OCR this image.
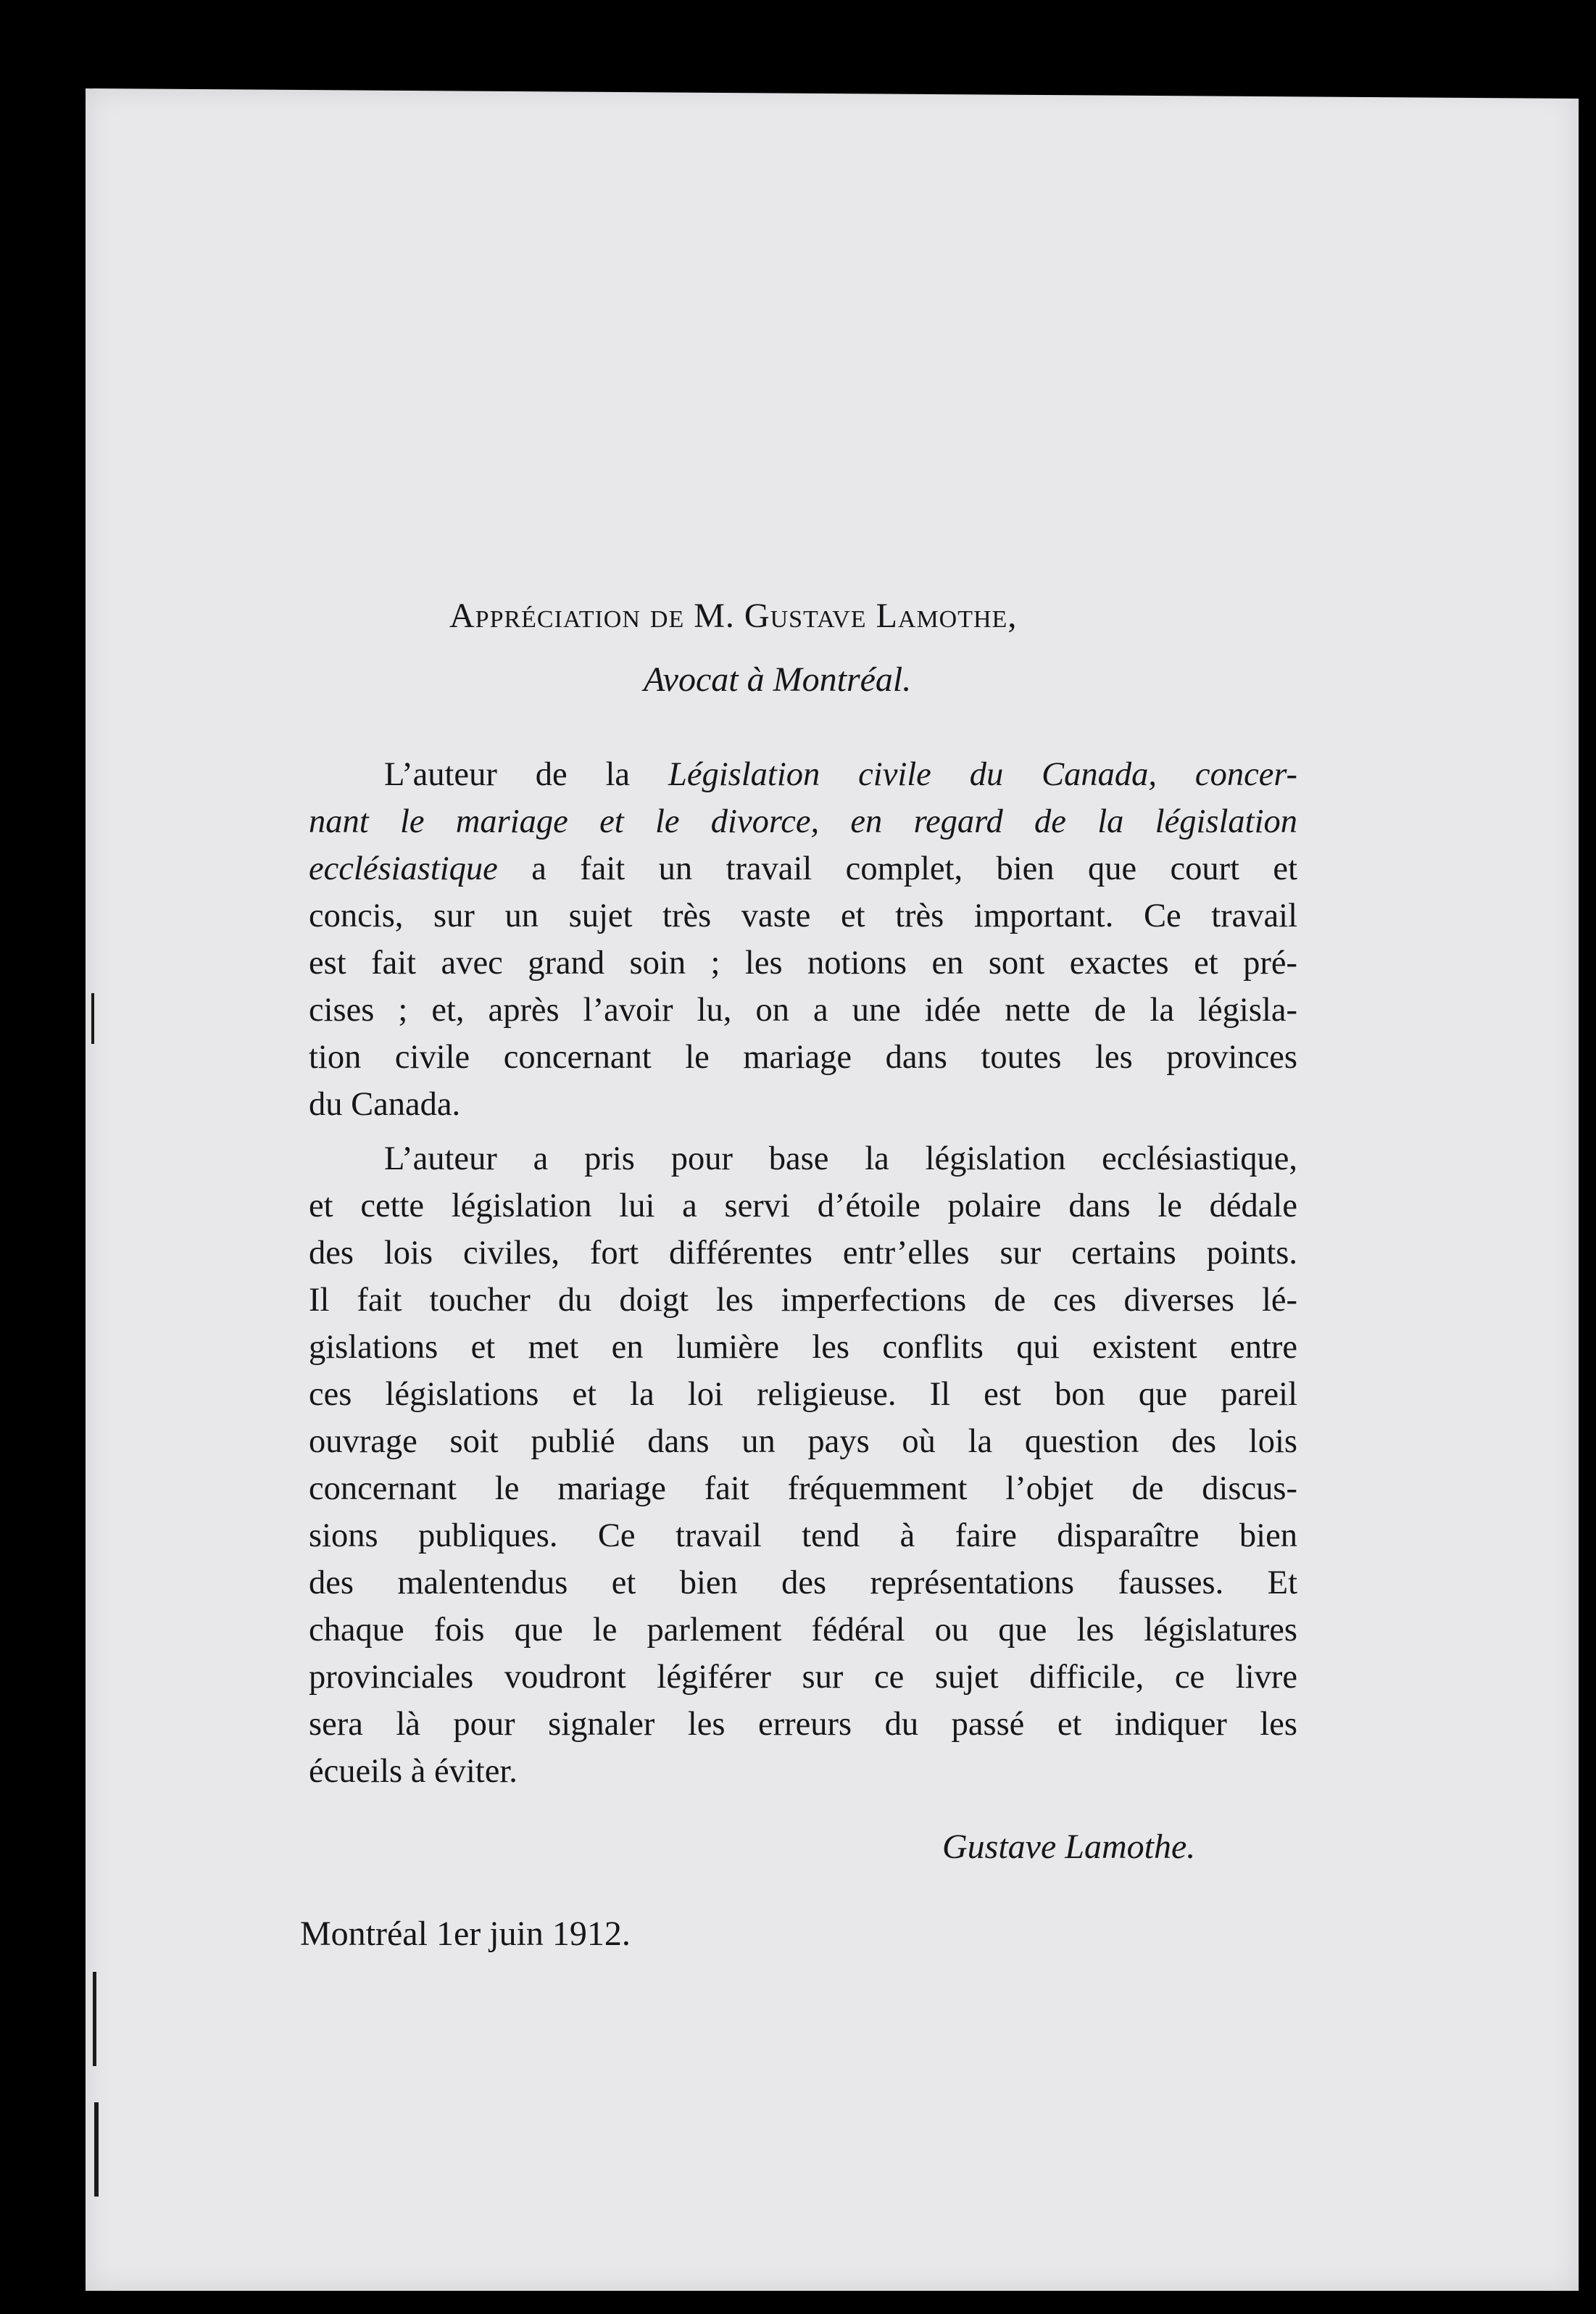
Appréciation de M. Gustave Lamothe,
Avocat à Montréal.
L’auteur de la Législation civile du Canada, concer-
nant le mariage et le divorce, en regard de la législation
ecclésiastique a fait un travail complet, bien que court et
concis, sur un sujet très vaste et très important. Ce travail
est fait avec grand soin ; les notions en sont exactes et pré-
cises ; et, après l’avoir lu, on a une idée nette de la législa-
tion civile concernant le mariage dans toutes les provinces
du Canada.
L’auteur a pris pour base la législation ecclésiastique,
et cette législation lui a servi d’étoile polaire dans le dédale
des lois civiles, fort différentes entr’elles sur certains points.
Il fait toucher du doigt les imperfections de ces diverses lé-
gislations et met en lumière les conflits qui existent entre
ces législations et la loi religieuse. Il est bon que pareil
ouvrage soit publié dans un pays où la question des lois
concernant le mariage fait fréquemment l’objet de discus-
sions publiques. Ce travail tend à faire disparaître bien
des malentendus et bien des représentations fausses. Et
chaque fois que le parlement fédéral ou que les législatures
provinciales voudront légiférer sur ce sujet difficile, ce livre
sera là pour signaler les erreurs du passé et indiquer les
écueils à éviter.
Gustave Lamothe.
Montréal 1er juin 1912.
